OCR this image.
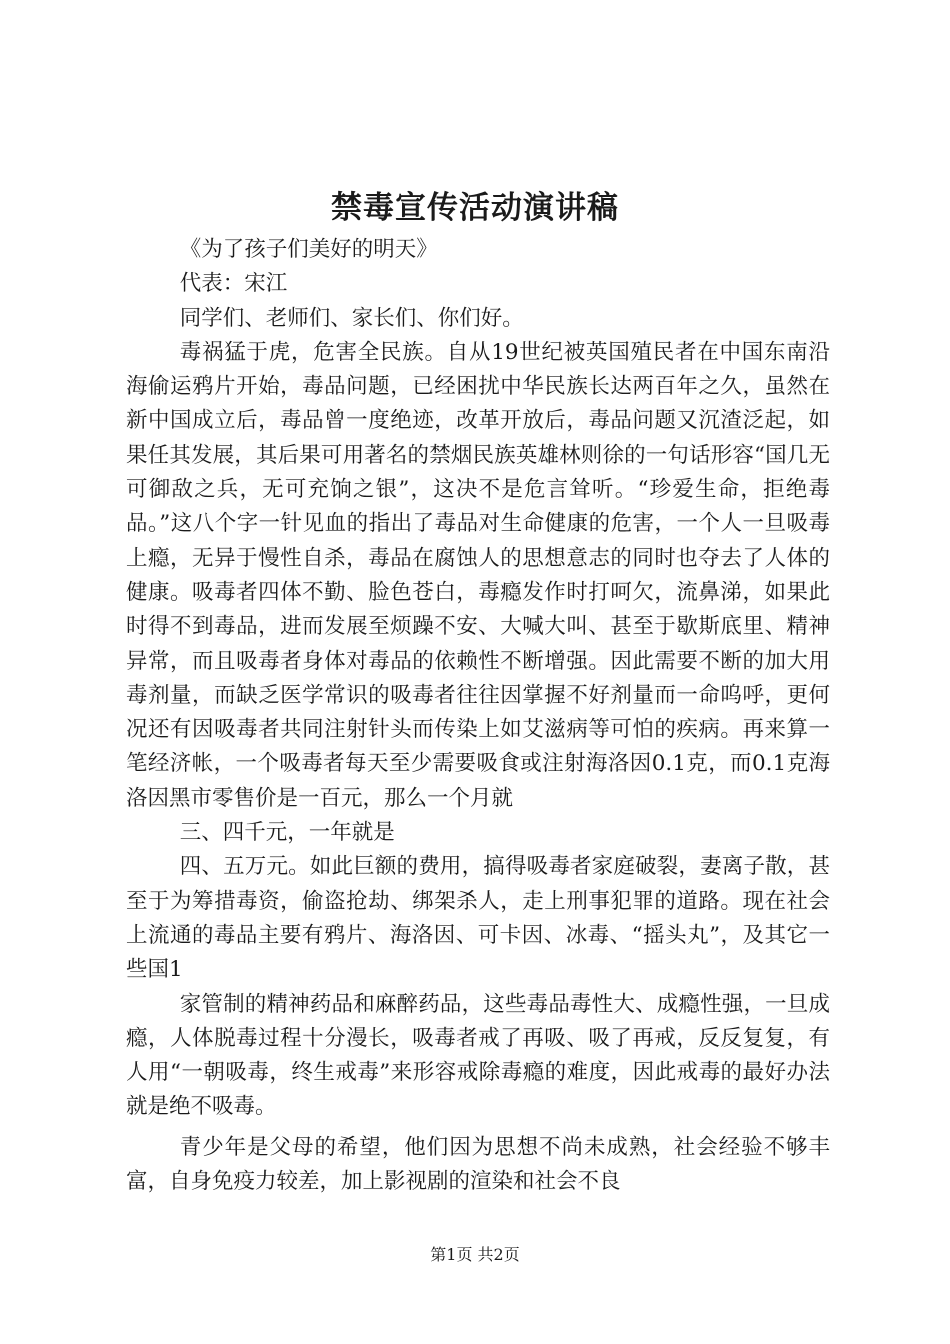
禁毒宣传活动演讲稿

《为了孩子们美好的明天》

代表：宋江

同学们、老师们、家长们、你们好。

毒祸猛于虎，危害全民族。自从19世纪被英国殖民者在中国东南沿海偷运鸦片开始，毒品问题，已经困扰中华民族长达两百年之久，虽然在新中国成立后，毒品曾一度绝迹，改革开放后，毒品问题又沉渣泛起，如果任其发展，其后果可用著名的禁烟民族英雄林则徐的一句话形容“国几无可御敌之兵，无可充饷之银”，这决不是危言耸听。“珍爱生命，拒绝毒品。”这八个字一针见血的指出了毒品对生命健康的危害，一个人一旦吸毒上瘾，无异于慢性自杀，毒品在腐蚀人的思想意志的同时也夺去了人体的健康。吸毒者四体不勤、脸色苍白，毒瘾发作时打呵欠，流鼻涕，如果此时得不到毒品，进而发展至烦躁不安、大喊大叫、甚至于歇斯底里、精神异常，而且吸毒者身体对毒品的依赖性不断增强。因此需要不断的加大用毒剂量，而缺乏医学常识的吸毒者往往因掌握不好剂量而一命呜呼，更何况还有因吸毒者共同注射针头而传染上如艾滋病等可怕的疾病。再来算一笔经济帐，一个吸毒者每天至少需要吸食或注射海洛因0.1克，而0.1克海洛因黑市零售价是一百元，那么一个月就

三、四千元，一年就是

四、五万元。如此巨额的费用，搞得吸毒者家庭破裂，妻离子散，甚至于为筹措毒资，偷盗抢劫、绑架杀人，走上刑事犯罪的道路。现在社会上流通的毒品主要有鸦片、海洛因、可卡因、冰毒、“摇头丸”，及其它一些国1

家管制的精神药品和麻醉药品，这些毒品毒性大、成瘾性强，一旦成瘾，人体脱毒过程十分漫长，吸毒者戒了再吸、吸了再戒，反反复复，有人用“一朝吸毒，终生戒毒”来形容戒除毒瘾的难度，因此戒毒的最好办法就是绝不吸毒。

青少年是父母的希望，他们因为思想不尚未成熟，社会经验不够丰富，自身免疫力较差，加上影视剧的渲染和社会不良

第1页 共2页
